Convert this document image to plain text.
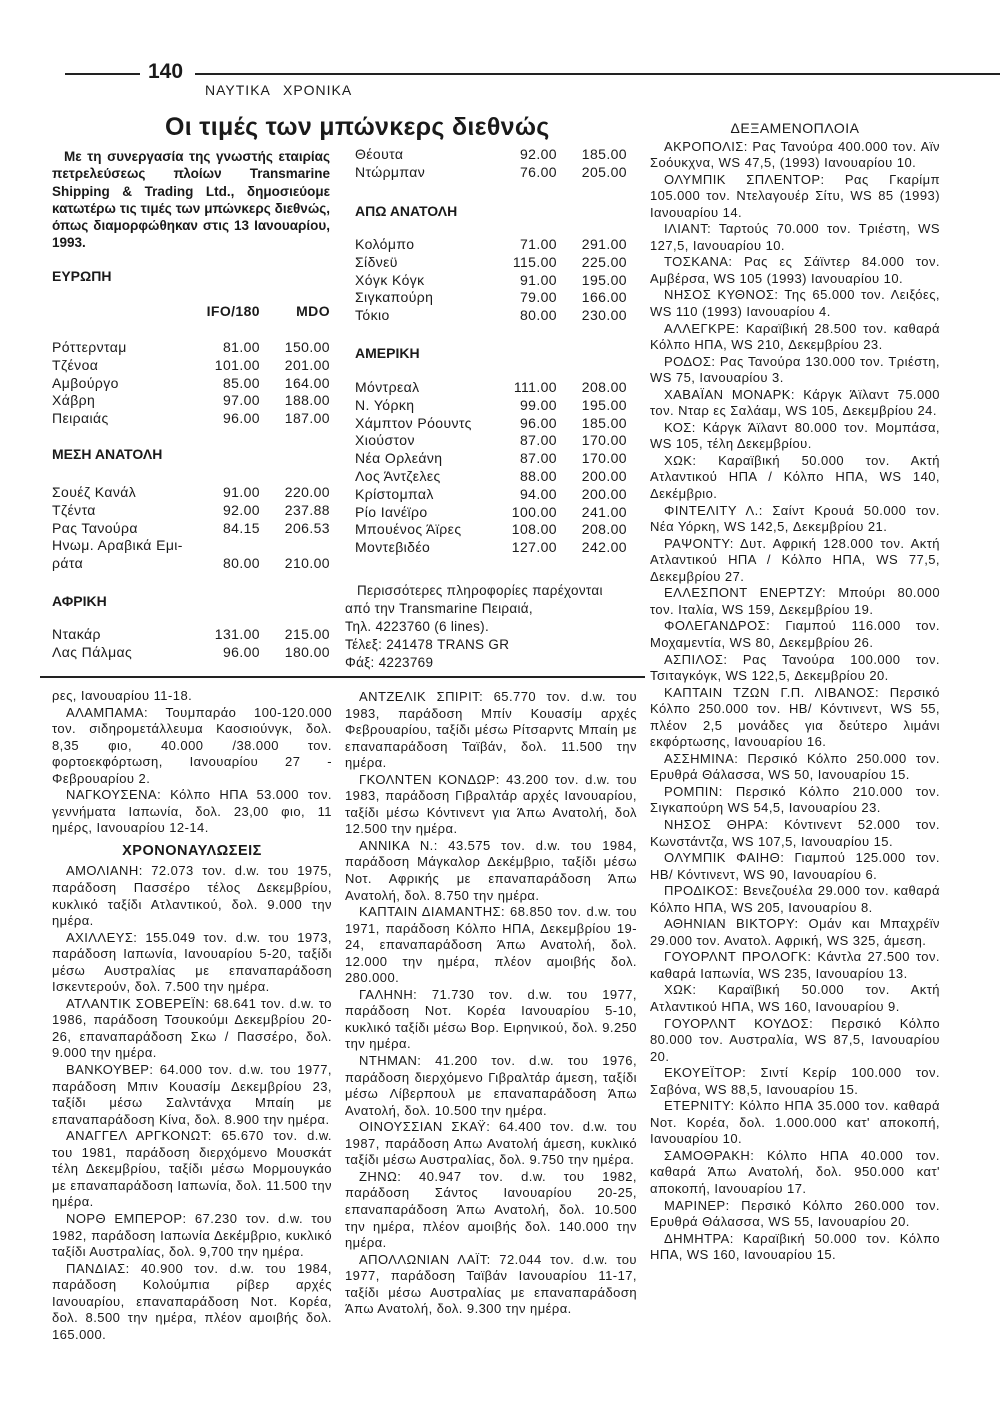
140
ΝΑΥΤΙΚΑ ΧΡΟΝΙΚΑ
Οι τιμές των μπώνκερς διεθνώς
Με τη συνεργασία της γνωστής εταιρίας πετρελεύσεως πλοίων Transmarine Shipping & Trading Ltd., δημοσιεύομε κατωτέρω τις τιμές των μπώνκερς διεθνώς, όπως διαμορφώθηκαν στις 13 Ιανουαρίου, 1993.
ΕΥΡΩΠΗ
IFO/180	MDO
Ρόττερνταμ	81.00	150.00
Τζένοα	101.00	201.00
Αμβούργο	85.00	164.00
Χάβρη	97.00	188.00
Πειραιάς	96.00	187.00
ΜΕΣΗ ΑΝΑΤΟΛΗ
Σουέζ Κανάλ	91.00	220.00
Τζέντα	92.00	237.88
Ρας Τανούρα	84.15	206.53
Ηνωμ. Αραβικά Εμι-
ράτα	80.00	210.00
ΑΦΡΙΚΗ
Ντακάρ	131.00	215.00
Λας Πάλμας	96.00	180.00
Θέουτα	92.00	185.00
Ντώρμπαν	76.00	205.00
ΑΠΩ ΑΝΑΤΟΛΗ
Κολόμπο	71.00	291.00
Σίδνεϋ	115.00	225.00
Χόγκ Κόγκ	91.00	195.00
Σιγκαπούρη	79.00	166.00
Τόκιο	80.00	230.00
ΑΜΕΡΙΚΗ
Μόντρεαλ	111.00	208.00
Ν. Υόρκη	99.00	195.00
Χάμπτον Ρόουντς	96.00	185.00
Χιούστον	87.00	170.00
Νέα Ορλεάνη	87.00	170.00
Λος Άντζελες	88.00	200.00
Κρίστομπαλ	94.00	200.00
Ρίο Ιανέϊρο	100.00	241.00
Μπουένος Άϊρες	108.00	208.00
Μοντεβιδέο	127.00	242.00
Περισσότερες πληροφορίες παρέχονται
από την Transmarine Πειραιά,
Τηλ. 4223760 (6 lines).
Τέλεξ: 241478 TRANS GR
Φάξ: 4223769

ρες, Ιανουαρίου 11-18.

ΑΛΑΜΠΑΜΑ: Τουμπαράο 100-120.000 τον. σιδηρομετάλλευμα Καοσιούνγκ, δολ. 8,35 φιο, 40.000 /38.000 τον. φορτοεκφόρτωση, Ιανουαρίου 27 - Φεβρουαρίου 2.

ΝΑΓΚΟΥΣΕΝΑ: Κόλπο ΗΠΑ 53.000 τον. γεννήματα Ιαπωνία, δολ. 23,00 φιο, 11 ημέρς, Ιανουαρίου 12-14.

ΧΡΟΝΟΝΑΥΛΩΣΕΙΣ

ΑΜΟΛΙΑΝΗ: 72.073 τον. d.w. του 1975, παράδοση Πασσέρο τέλος Δεκεμβρίου, κυκλικό ταξίδι Ατλαντικού, δολ. 9.000 την ημέρα.

ΑΧΙΛΛΕΥΣ: 155.049 τον. d.w. του 1973, παράδοση Ιαπωνία, Ιανουαρίου 5-20, ταξίδι μέσω Αυστραλίας με επαναπαράδοση Ισκεντερούν, δολ. 7.500 την ημέρα.

ΑΤΛΑΝΤΙΚ ΣΟΒΕΡΕΪΝ: 68.641 τον. d.w. το 1986, παράδοση Τσουκούμι Δεκεμβρίου 20-26, επαναπαράδοση Σκω / Πασσέρο, δολ. 9.000 την ημέρα.

ΒΑΝΚΟΥΒΕΡ: 64.000 τον. d.w. του 1977, παράδοση Μπιν Κουασίμ Δεκεμβρίου 23, ταξίδι μέσω Σαλντάνχα Μπαίη με επαναπαράδοση Κίνα, δολ. 8.900 την ημέρα.

ΑΝΑΓΓΕΛ ΑΡΓΚΟΝΩΤ: 65.670 τον. d.w. του 1981, παράδοση διερχόμενο Μουσκάτ τέλη Δεκεμβρίου, ταξίδι μέσω Μορμουγκάο με επαναπαράδοση Ιαπωνία, δολ. 11.500 την ημέρα.

ΝΟΡΘ ΕΜΠΕΡΟΡ: 67.230 τον. d.w. του 1982, παράδοση Ιαπωνία Δεκέμβριο, κυκλικό ταξίδι Αυστραλίας, δολ. 9,700 την ημέρα.

ΠΑΝΔΙΑΣ: 40.900 τον. d.w. του 1984, παράδοση Κολούμπια ρίβερ αρχές Ιανουαρίου, επαναπαράδοση Νοτ. Κορέα, δολ. 8.500 την ημέρα, πλέον αμοιβής δολ. 165.000.

ΑΝΤΖΕΛΙΚ ΣΠΙΡΙΤ: 65.770 τον. d.w. του 1983, παράδοση Μπίν Κουασίμ αρχές Φεβρουαρίου, ταξίδι μέσω Ρίτσαρντς Μπαίη με επαναπαράδοση Ταϊβάν, δολ. 11.500 την ημέρα.

ΓΚΟΛΝΤΕΝ ΚΟΝΔΩΡ: 43.200 τον. d.w. του 1983, παράδοση Γιβραλτάρ αρχές Ιανουαρίου, ταξίδι μέσω Κόντινεντ για Άπω Ανατολή, δολ 12.500 την ημέρα.

ΑΝΝΙΚΑ Ν.: 43.575 τον. d.w. του 1984, παράδοση Μάγκαλορ Δεκέμβριο, ταξίδι μέσω Νοτ. Αφρικής με επαναπαράδοση Άπω Ανατολή, δολ. 8.750 την ημέρα.

ΚΑΠΤΑΙΝ ΔΙΑΜΑΝΤΗΣ: 68.850 τον. d.w. του 1971, παράδοση Κόλπο ΗΠΑ, Δεκεμβρίου 19-24, επαναπαράδοση Άπω Ανατολή, δολ. 12.000 την ημέρα, πλέον αμοιβής δολ. 280.000.

ΓΑΛΗΝΗ: 71.730 τον. d.w. του 1977, παράδοση Νοτ. Κορέα Ιανουαρίου 5-10, κυκλικό ταξίδι μέσω Βορ. Ειρηνικού, δολ. 9.250 την ημέρα.

ΝΤΗΜΑΝ: 41.200 τον. d.w. του 1976, παράδοση διερχόμενο Γιβραλτάρ άμεση, ταξίδι μέσω Λίβερπουλ με επαναπαράδοση Άπω Ανατολή, δολ. 10.500 την ημέρα.

ΟΙΝΟΥΣΣΙΑΝ ΣΚΑΫ: 64.400 τον. d.w. του 1987, παράδοση Απω Ανατολή άμεση, κυκλικό ταξίδι μέσω Αυστραλίας, δολ. 9.750 την ημέρα.

ΖΗΝΩ: 40.947 τον. d.w. του 1982, παράδοση Σάντος Ιανουαρίου 20-25, επαναπαράδοση Άπω Ανατολή, δολ. 10.500 την ημέρα, πλέον αμοιβής δολ. 140.000 την ημέρα.

ΑΠΟΛΛΩΝΙΑΝ ΛΑΪΤ: 72.044 τον. d.w. του 1977, παράδοση Ταϊβάν Ιανουαρίου 11-17, ταξίδι μέσω Αυστραλίας με επαναπαράδοση Άπω Ανατολή, δολ. 9.300 την ημέρα.

ΔΕΞΑΜΕΝΟΠΛΟΙΑ

ΑΚΡΟΠΟΛΙΣ: Ρας Τανούρα 400.000 τον. Αϊν Σοόυκχνα, WS 47,5, (1993) Ιανουαρίου 10.

ΟΛΥΜΠΙΚ ΣΠΛΕΝΤΟΡ: Ρας Γκαρίμπ 105.000 τον. Ντελαγουέρ Σίτυ, WS 85 (1993) Ιανουαρίου 14.

ΙΛΙΑΝΤ: Ταρτούς 70.000 τον. Τριέστη, WS 127,5, Ιανουαρίου 10.

ΤΟΣΚΑΝΑ: Ρας ες Σάϊντερ 84.000 τον. Αμβέρσα, WS 105 (1993) Ιανουαρίου 10.

ΝΗΣΟΣ ΚΥΘΝΟΣ: Της 65.000 τον. Λειξόες, WS 110 (1993) Ιανουαρίου 4.

ΑΛΛΕΓΚΡΕ: Καραϊβική 28.500 τον. καθαρά Κόλπο ΗΠΑ, WS 210, Δεκεμβρίου 23.

ΡΟΔΟΣ: Ρας Τανούρα 130.000 τον. Τριέστη, WS 75, Ιανουαρίου 3.

ΧΑΒΑΪΑΝ ΜΟΝΑΡΚ: Κάργκ Άϊλαντ 75.000 τον. Νταρ ες Σαλάαμ, WS 105, Δεκεμβρίου 24.

ΚΟΣ: Κάργκ Άϊλαντ 80.000 τον. Μομπάσα, WS 105, τέλη Δεκεμβρίου.

ΧΩΚ: Καραϊβική 50.000 τον. Ακτή Ατλαντικού ΗΠΑ / Κόλπο ΗΠΑ, WS 140, Δεκέμβριο.

ΦΙΝΤΕΛΙΤΥ Λ.: Σαίντ Κρουά 50.000 τον. Νέα Υόρκη, WS 142,5, Δεκεμβρίου 21.

ΡΑΨΟΝΤΥ: Δυτ. Αφρική 128.000 τον. Ακτή Ατλαντικού ΗΠΑ / Κόλπο ΗΠΑ, WS 77,5, Δεκεμβρίου 27.

ΕΛΛΕΣΠΟΝΤ ΕΝΕΡΤΖΥ: Μπούρι 80.000 τον. Ιταλία, WS 159, Δεκεμβρίου 19.

ΦΟΛΕΓΑΝΔΡΟΣ: Γιαμπού 116.000 τον. Μοχαμεντία, WS 80, Δεκεμβρίου 26.

ΑΣΠΙΛΟΣ: Ρας Τανούρα 100.000 τον. Τσιταγκόγκ, WS 122,5, Δεκεμβρίου 20.

ΚΑΠΤΑΙΝ ΤΖΩΝ Γ.Π. ΛΙΒΑΝΟΣ: Περσικό Κόλπο 250.000 τον. HB/ Κόντινεντ, WS 55, πλέον 2,5 μονάδες για δεύτερο λιμάνι εκφόρτωσης, Ιανουαρίου 16.

ΑΣΣΗΜΙΝΑ: Περσικό Κόλπο 250.000 τον. Ερυθρά Θάλασσα, WS 50, Ιανουαρίου 15.

ΡΟΜΠΙΝ: Περσικό Κόλπο 210.000 τον. Σιγκαπούρη WS 54,5, Ιανουαρίου 23.

ΝΗΣΟΣ ΘΗΡΑ: Κόντινεντ 52.000 τον. Κωνστάντζα, WS 107,5, Ιανουαρίου 15.

ΟΛΥΜΠΙΚ ΦΑΙΗΘ: Γιαμπού 125.000 τον. HB/ Κόντινεντ, WS 90, Ιανουαρίου 6.

ΠΡΟΔΙΚΟΣ: Βενεζουέλα 29.000 τον. καθαρά Κόλπο ΗΠΑ, WS 205, Ιανουαρίου 8.

ΑΘΗΝΙΑΝ ΒΙΚΤΟΡΥ: Ομάν και Μπαχρέϊν 29.000 τον. Ανατολ. Αφρική, WS 325, άμεση.

ΓΟΥΟΡΛΝΤ ΠΡΟΛΟΓΚ: Κάντλα 27.500 τον. καθαρά Ιαπωνία, WS 235, Ιανουαρίου 13.

ΧΩΚ: Καραϊβική 50.000 τον. Ακτή Ατλαντικού ΗΠΑ, WS 160, Ιανουαρίου 9.

ΓΟΥΟΡΛΝΤ ΚΟΥΔΟΣ: Περσικό Κόλπο 80.000 τον. Αυστραλία, WS 87,5, Ιανουαρίου 20.

ΕΚΟΥΕΪΤΟΡ: Σιντί Κερίρ 100.000 τον. Σαβόνα, WS 88,5, Ιανουαρίου 15.

ΕΤΕΡΝΙΤΥ: Κόλπο ΗΠΑ 35.000 τον. καθαρά Νοτ. Κορέα, δολ. 1.000.000 κατ' αποκοπή, Ιανουαρίου 10.

ΣΑΜΟΘΡΑΚΗ: Κόλπο ΗΠΑ 40.000 τον. καθαρά Άπω Ανατολή, δολ. 950.000 κατ' αποκοπή, Ιανουαρίου 17.

ΜΑΡΙΝΕΡ: Περσικό Κόλπο 260.000 τον. Ερυθρά Θάλασσα, WS 55, Ιανουαρίου 20.

ΔΗΜΗΤΡΑ: Καραϊβική 50.000 τον. Κόλπο ΗΠΑ, WS 160, Ιανουαρίου 15.
